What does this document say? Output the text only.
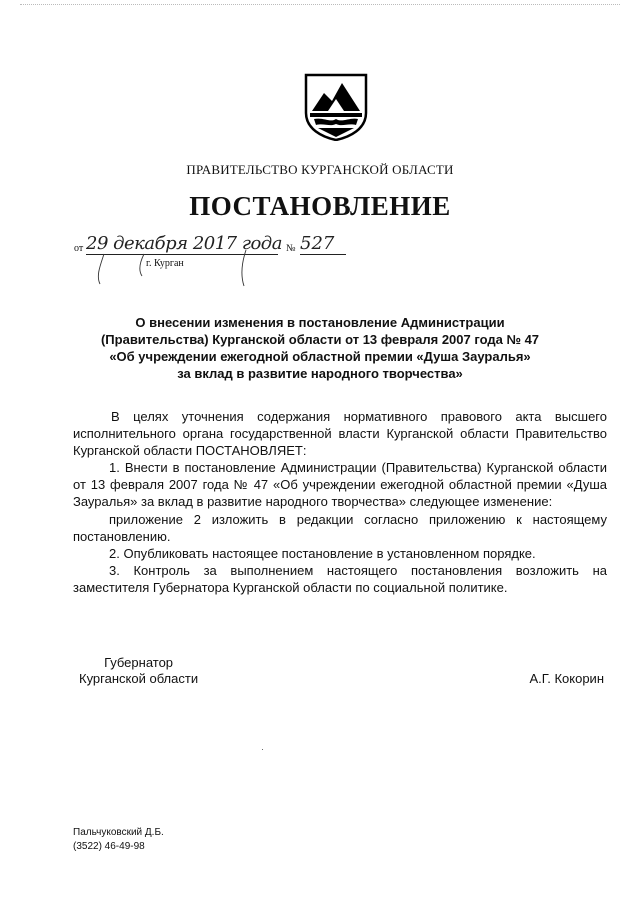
ПРАВИТЕЛЬСТВО КУРГАНСКОЙ ОБЛАСТИ
ПОСТАНОВЛЕНИЕ
от 29 декабря 2017 года № 527
г. Курган
О внесении изменения в постановление Администрации
(Правительства) Курганской области от 13 февраля 2007 года № 47
«Об учреждении ежегодной областной премии «Душа Зауралья»
за вклад в развитие народного творчества»

В целях уточнения содержания нормативного правового акта высшего исполнительного органа государственной власти Курганской области Правительство Курганской области ПОСТАНОВЛЯЕТ:

1. Внести в постановление Администрации (Правительства) Курганской области от 13 февраля 2007 года № 47 «Об учреждении ежегодной областной премии «Душа Зауралья» за вклад в развитие народного творчества» следующее изменение:

приложение 2 изложить в редакции согласно приложению к настоящему постановлению.

2. Опубликовать настоящее постановление в установленном порядке.

3. Контроль за выполнением настоящего постановления возложить на заместителя Губернатора Курганской области по социальной политике.

Губернатор
Курганской области	А.Г. Кокорин
Пальчуковский Д.Б.
(3522) 46-49-98
